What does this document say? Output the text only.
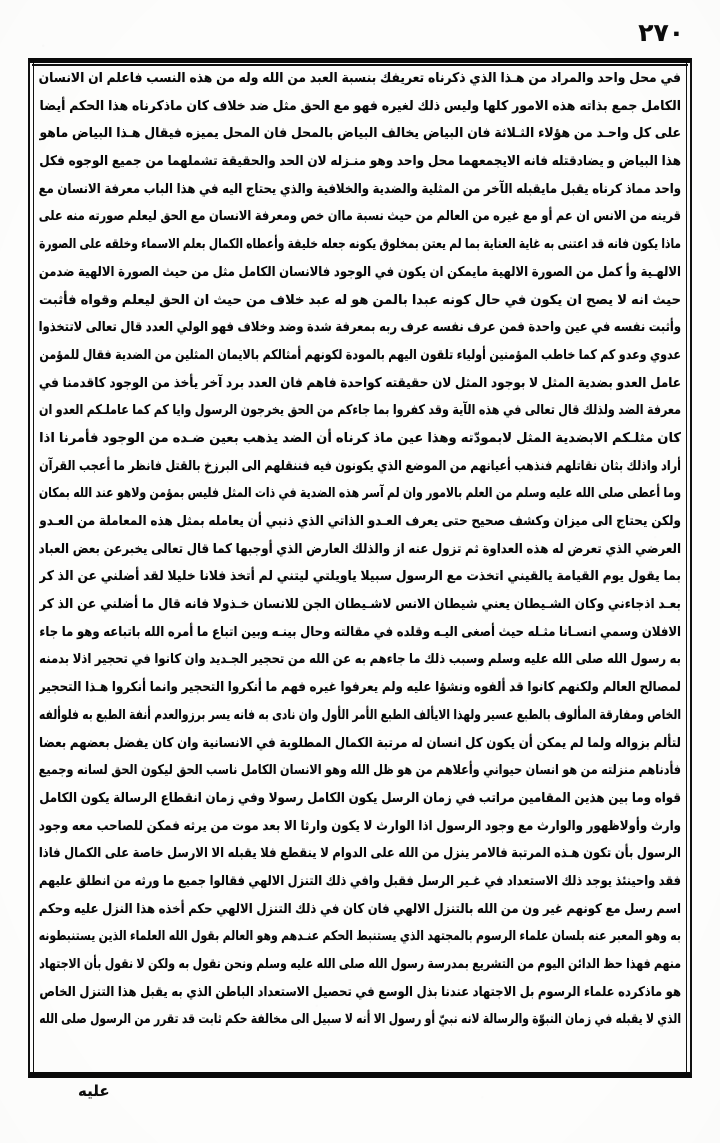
٢٧٠
في محل واحد والمراد من هـذا الذي ذكرناه تعريفك بنسبة العبد من الله وله من هذه النسب فاعلم ان الانسان
الكامل جمع بذاته هذه الامور كلها وليس ذلك لغيره فهو مع الحق مثل ضد خلاف كان ماذكرناه هذا الحكم أيضا
على كل واحـد من هؤلاء الثـلاثة فان البياض يخالف البياض بالمحل فان المحل يميزه فيقال هـذا البياض ماهو
هذا البياض و يضادقتله فانه الايجمعهما محل واحد وهو منـزله لان الحد والحقيقة تشملهما من جميع الوجوه فكل
واحد مماذ كرناه يقبل مايقبله الآخر من المثلية والضدية والخلافية والذي يحتاج اليه في هذا الباب معرفة الانسان مع
قرينه من الانس ان عم أو مع غيره من العالم من حيث نسبة ماان خص ومعرفة الانسان مع الحق ليعلم صورته منه على
ماذا يكون فانه قد اعتنى به غاية العناية بما لم يعتن بمخلوق يكونه جعله خليفة وأعطاه الكمال بعلم الاسماء وخلقه على الصورة
الالهـية وأ كمل من الصورة الالهية مايمكن ان يكون في الوجود فالانسان الكامل مثل من حيث الصورة الالهية ضدمن
حيث انه لا يصح ان يكون في حال كونه عبدا بالمن هو له عبد خلاف من حيث ان الحق ليعلم وقواه فأثبت
وأثبت نفسه في عين واحدة فمن عرف نفسه عرف ربه بمعرفة شدة وضد وخلاف فهو الولي العدد قال تعالى لاتتخذوا
عدوي وعدو كم كما خاطب المؤمنين أولياء تلقون اليهم بالمودة لكونهم أمثالكم بالايمان المثلين من الضدية فقال للمؤمن
عامل العدو بضدية المثل لا بوجود المثل لان حقيقته كواحدة فاهم فان العدد برد آخر يأخذ من الوجود كاقدمنا في
معرفة الضد ولذلك قال تعالى في هذه الآية وقد كفروا بما جاءكم من الحق يخرجون الرسول وايا كم كما عاملـكم العدو ان
كان مثلـكم الابضدية المثل لابمودّته وهذا عين ماذ كرناه أن الضد يذهب بعين ضـده من الوجود فأمرنا اذا
أراد واذلك بثان نقاتلهم فنذهب أعيانهم من الموضع الذي يكونون فيه فننقلهم الى البرزخ بالقتل فانظر ما أعجب القرآن
وما أعطى صلى الله عليه وسلم من العلم بالامور وان لم آسر هذه الضدية في ذات المثل فليس بمؤمن ولاهو عند الله بمكان
ولكن يحتاج الى ميزان وكشف صحيح حتى يعرف العـدو الذاتي الذي ذنبي أن يعامله بمثل هذه المعاملة من العـدو
العرضي الذي تعرض له هذه العداوة ثم تزول عنه از والذلك العارض الذي أوجبها كما قال تعالى يخبرعن بعض العباد
بما يقول يوم القيامة يالقيني اتخذت مع الرسول سبيلا ياويلتي ليتني لم أتخذ فلانا خليلا لقد أضلني عن الذ كر
بعـد اذجاءني وكان الشـيطان يعني شيطان الانس لاشـيطان الجن للانسان خـذولا فانه قال ما أضلني عن الذ كر
الافلان وسمي انسـانا مثـله حيث أصغى اليـه وقلده في مقالته وحال بينـه وبين اتباع ما أمره الله باتباعه وهو ما جاء
به رسول الله صلى الله عليه وسلم وسبب ذلك ما جاءهم به عن الله من تحجير الجـديد وان كانوا في تحجير اذلا بدمنه
لمصالح العالم ولكنهم كانوا قد ألفوه ونشؤا عليه ولم يعرفوا غيره فهم ما أنكروا التحجير وانما أنكروا هـذا التحجير
الخاص ومفارقة المألوف بالطبع عسير ولهذا الايألف الطبع الأمر الأول وان نادى به فانه يسر برزوالعدم أنفة الطبع به فلوألفه
لتألم بزواله ولما لم يمكن أن يكون كل انسان له مرتبة الكمال المطلوبة في الانسانية وان كان يفضل بعضهم بعضا
فأدناهم منزلته من هو انسان حيواني وأعلاهم من هو ظل الله وهو الانسان الكامل ناسب الحق ليكون الحق لسانه وجميع
قواه وما بين هذين المقامين مراتب في زمان الرسل يكون الكامل رسولا وفي زمان انقطاع الرسالة يكون الكامل
وارث وأولاظهور والوارث مع وجود الرسول اذا الوارث لا يكون وارثا الا بعد موت من يرثه فمكن للصاحب معه وجود
الرسول بأن تكون هـذه المرتبة فالامر ينزل من الله على الدوام لا ينقطع فلا يقبله الا الارسل خاصة على الكمال فاذا
فقد واحينئذ يوجد ذلك الاستعداد في غـير الرسل فقبل وافي ذلك التنزل الالهي فقالوا جميع ما ورثه من انطلق عليهم
اسم رسل مع كونهم غير ون من الله بالتنزل الالهي فان كان في ذلك التنزل الالهي حكم أخذه هذا النزل عليه وحكم
به وهو المعبر عنه بلسان علماء الرسوم بالمجتهد الذي يستنبط الحكم عنـدهم وهو العالم بقول الله العلماء الذين يستنبطونه
منهم فهذا حظ الدائن اليوم من التشريع بمدرسة رسول الله صلى الله عليه وسلم ونحن نقول به ولكن لا نقول بأن الاجتهاد
هو ماذكرده علماء الرسوم بل الاجتهاد عندنا بذل الوسع في تحصيل الاستعداد الباطن الذي به يقبل هذا التنزل الخاص
الذي لا يقبله في زمان النبوّة والرسالة لانه نبيّ أو رسول الا أنه لا سبيل الى مخالفة حكم ثابت قد تقرر من الرسول صلى الله
عليه
